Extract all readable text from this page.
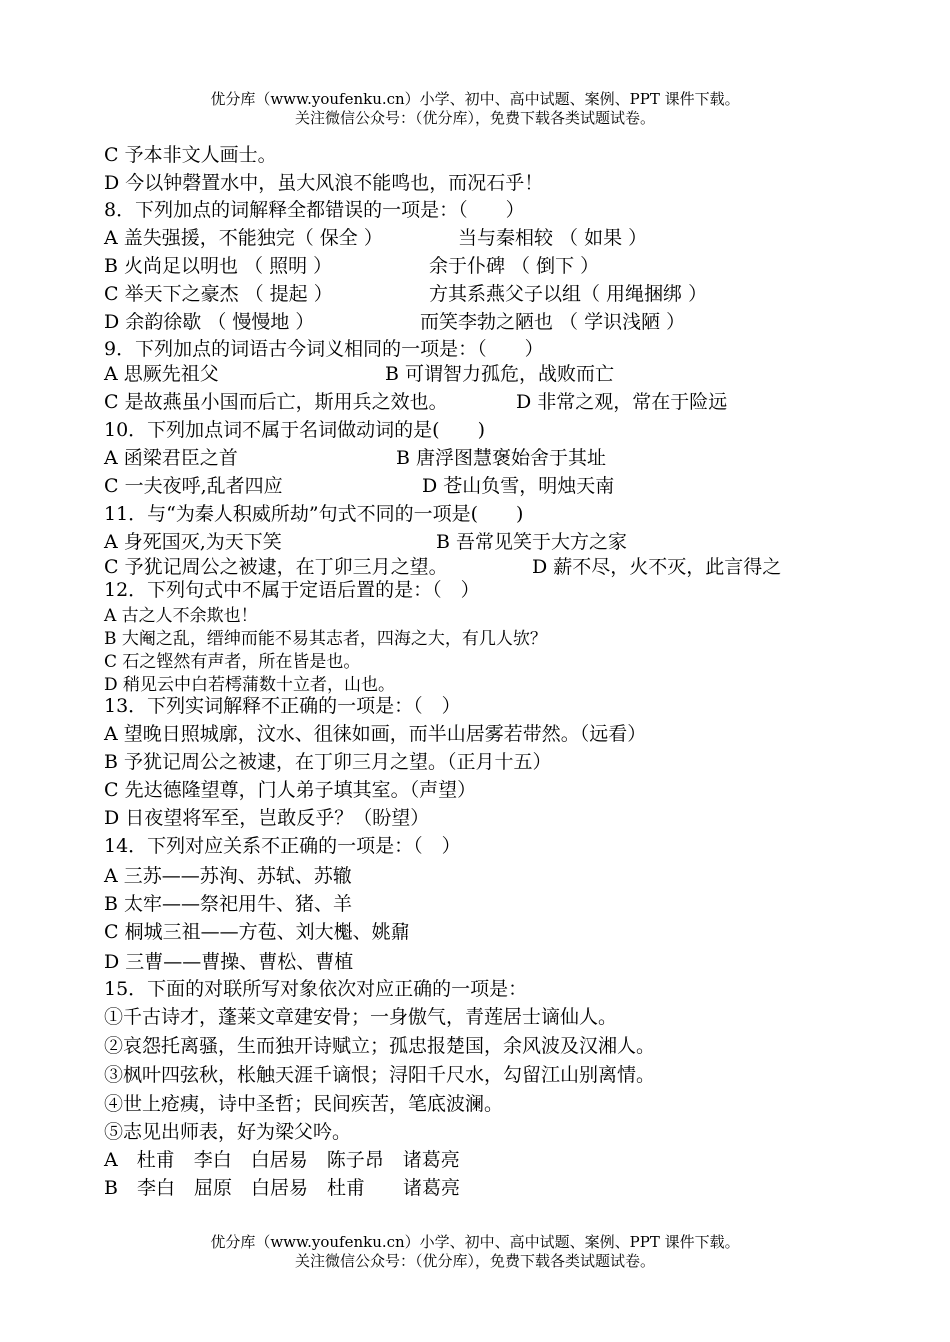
优分库（www.youfenku.cn）小学、初中、高中试题、案例、PPT 课件下载。
关注微信公众号：（优分库），免费下载各类试题试卷。
C 予本非文人画士。
D 今以钟磬置水中，虽大风浪不能鸣也，而况石乎！
8．下列加点的词解释全都错误的一项是：（　　）
A 盖失强援，不能独完（ 保全 ）	当与秦相较 （ 如果 ）
B 火尚足以明也 （ 照明 ）	余于仆碑 （ 倒下 ）
C 举天下之豪杰 （ 提起 ）	方其系燕父子以组（ 用绳捆绑 ）
D 余韵徐歇 （ 慢慢地 ）	而笑李勃之陋也 （ 学识浅陋 ）
9．下列加点的词语古今词义相同的一项是：（　　）
A 思厥先祖父	B 可谓智力孤危，战败而亡
C 是故燕虽小国而后亡，斯用兵之效也。	D 非常之观，常在于险远
10．下列加点词不属于名词做动词的是(　　)
A 函梁君臣之首	B 唐浮图慧褒始舍于其址
C 一夫夜呼,乱者四应	D 苍山负雪，明烛天南
11．与“为秦人积威所劫”句式不同的一项是(　　)
A 身死国灭,为天下笑	B 吾常见笑于大方之家
C 予犹记周公之被逮，在丁卯三月之望。	D 薪不尽，火不灭，此言得之
12．下列句式中不属于定语后置的是：（　）
A 古之人不余欺也！
B 大阉之乱，缙绅而能不易其志者，四海之大，有几人欤？
C 石之铿然有声者，所在皆是也。
D 稍见云中白若樗蒲数十立者，山也。
13．下列实词解释不正确的一项是：（　）
A 望晚日照城廓，汶水、徂徕如画，而半山居雾若带然。（远看）
B 予犹记周公之被逮，在丁卯三月之望。（正月十五）
C 先达德隆望尊，门人弟子填其室。（声望）
D 日夜望将军至，岂敢反乎？（盼望）
14．下列对应关系不正确的一项是：（　）
A 三苏——苏洵、苏轼、苏辙
B 太牢——祭祀用牛、猪、羊
C 桐城三祖——方苞、刘大櫆、姚鼐
D 三曹——曹操、曹松、曹植
15．下面的对联所写对象依次对应正确的一项是：
①千古诗才，蓬莱文章建安骨；一身傲气，青莲居士谪仙人。
②哀怨托离骚，生而独开诗赋立；孤忠报楚国，余风波及汉湘人。
③枫叶四弦秋，枨触天涯千谪恨；浔阳千尺水，勾留江山别离情。
④世上疮痍，诗中圣哲；民间疾苦，笔底波澜。
⑤志见出师表，好为梁父吟。
A　杜甫　李白　白居易　陈子昂　诸葛亮
B　李白　屈原　白居易　杜甫　　诸葛亮
优分库（www.youfenku.cn）小学、初中、高中试题、案例、PPT 课件下载。
关注微信公众号：（优分库），免费下载各类试题试卷。
